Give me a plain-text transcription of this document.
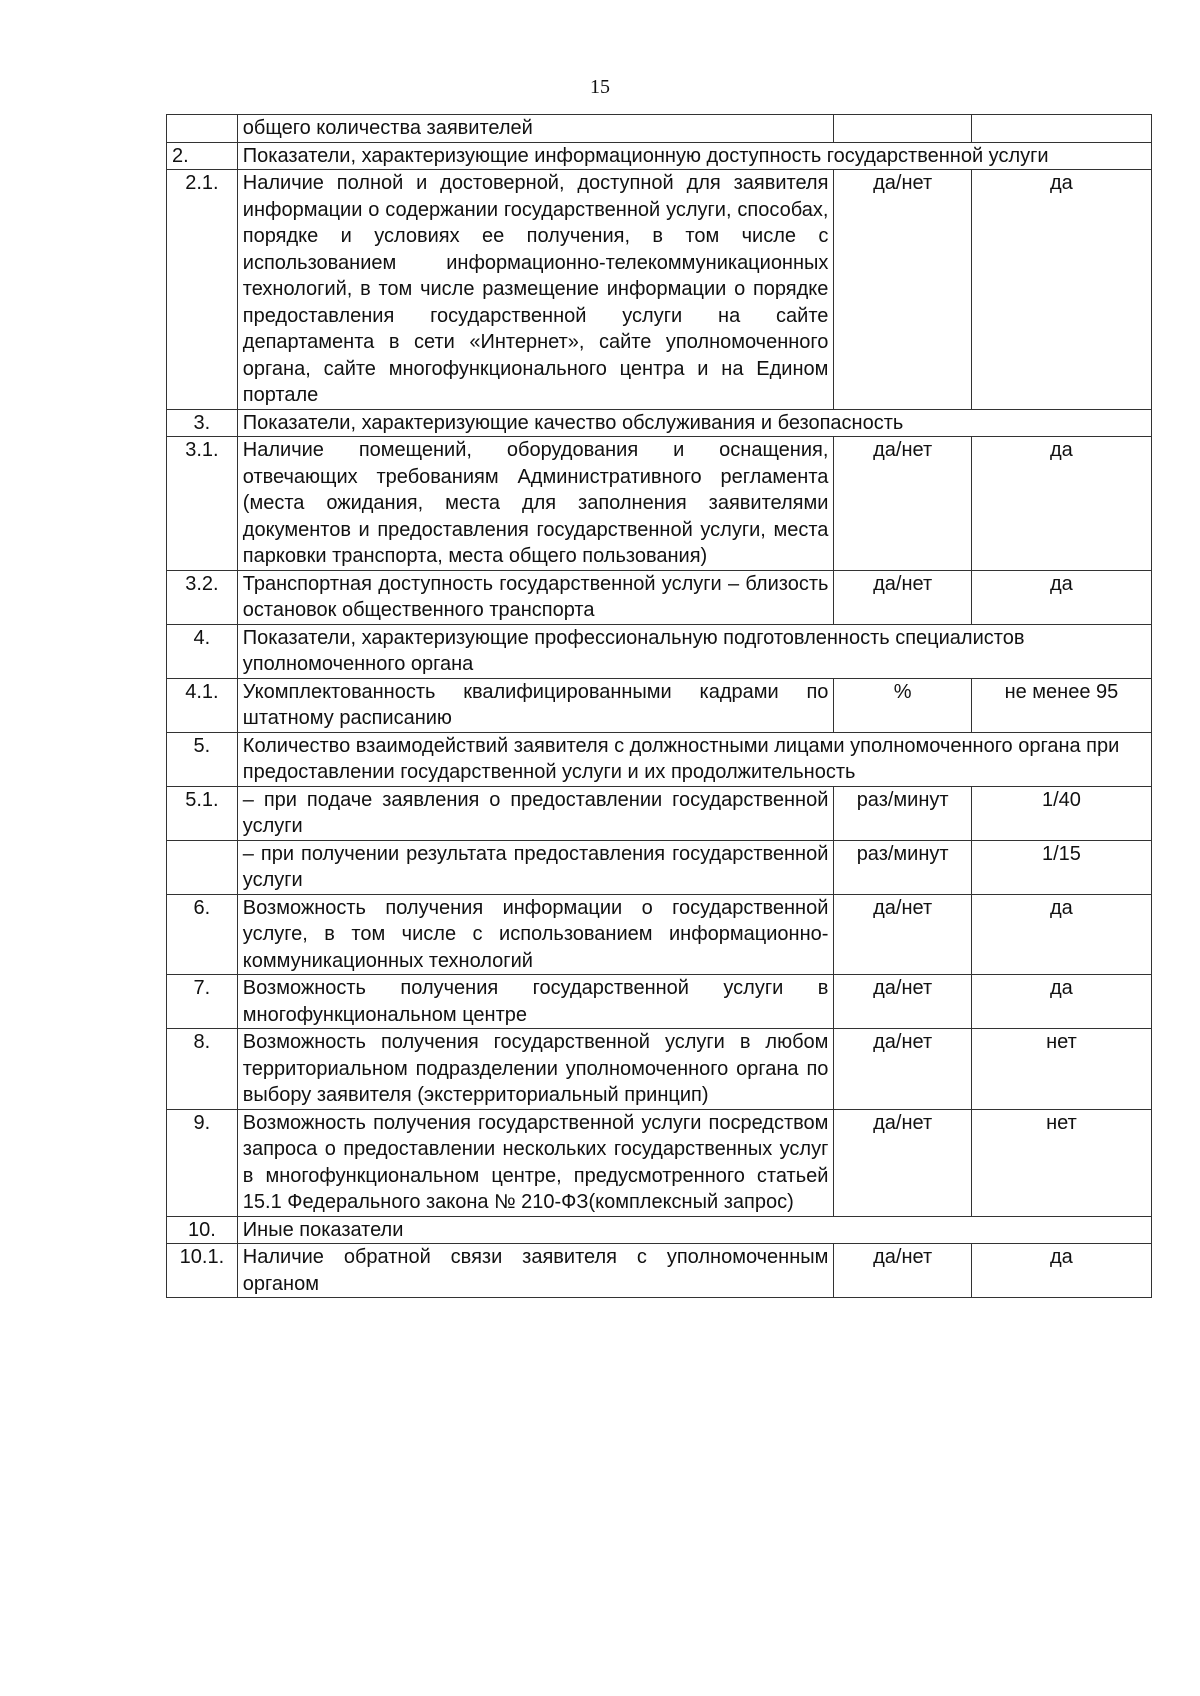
15
	общего количества заявителей		
2.	Показатели, характеризующие информационную доступность государственной услуги		
2.1.	Наличие полной и достоверной, доступной для заявителя информации о содержании государственной услуги, способах, порядке и условиях ее получения, в том числе с использованием информационно-телекоммуникационных технологий, в том числе размещение информации о порядке предоставления государственной услуги на сайте департамента в сети «Интернет», сайте уполномоченного органа, сайте многофункционального центра и на Едином портале	да/нет	да
3.	Показатели, характеризующие качество обслуживания и безопасность		
3.1.	Наличие помещений, оборудования и оснащения, отвечающих требованиям Административного регламента (места ожидания, места для заполнения заявителями документов и предоставления государственной услуги, места парковки транспорта, места общего пользования)	да/нет	да
3.2.	Транспортная доступность государственной услуги – близость остановок общественного транспорта	да/нет	да
4.	Показатели, характеризующие профессиональную подготовленность специалистов уполномоченного органа		
4.1.	Укомплектованность квалифицированными кадрами по штатному расписанию	%	не менее 95
5.	Количество взаимодействий заявителя с должностными лицами уполномоченного органа при предоставлении государственной услуги и их продолжительность		
5.1.	– при подаче заявления о предоставлении государственной услуги	раз/минут	1/40
	– при получении результата предоставления государственной услуги	раз/минут	1/15
6.	Возможность получения информации о государственной услуге, в том числе с использованием информационно-коммуникационных технологий	да/нет	да
7.	Возможность получения государственной услуги в многофункциональном центре	да/нет	да
8.	Возможность получения государственной услуги в любом территориальном подразделении уполномоченного органа по выбору заявителя (экстерриториальный принцип)	да/нет	нет
9.	Возможность получения государственной услуги посредством запроса о предоставлении нескольких государственных услуг в многофункциональном центре, предусмотренного статьей 15.1 Федерального закона № 210-ФЗ(комплексный запрос)	да/нет	нет
10.	Иные показатели		
10.1.	Наличие обратной связи заявителя с уполномоченным органом	да/нет	да
